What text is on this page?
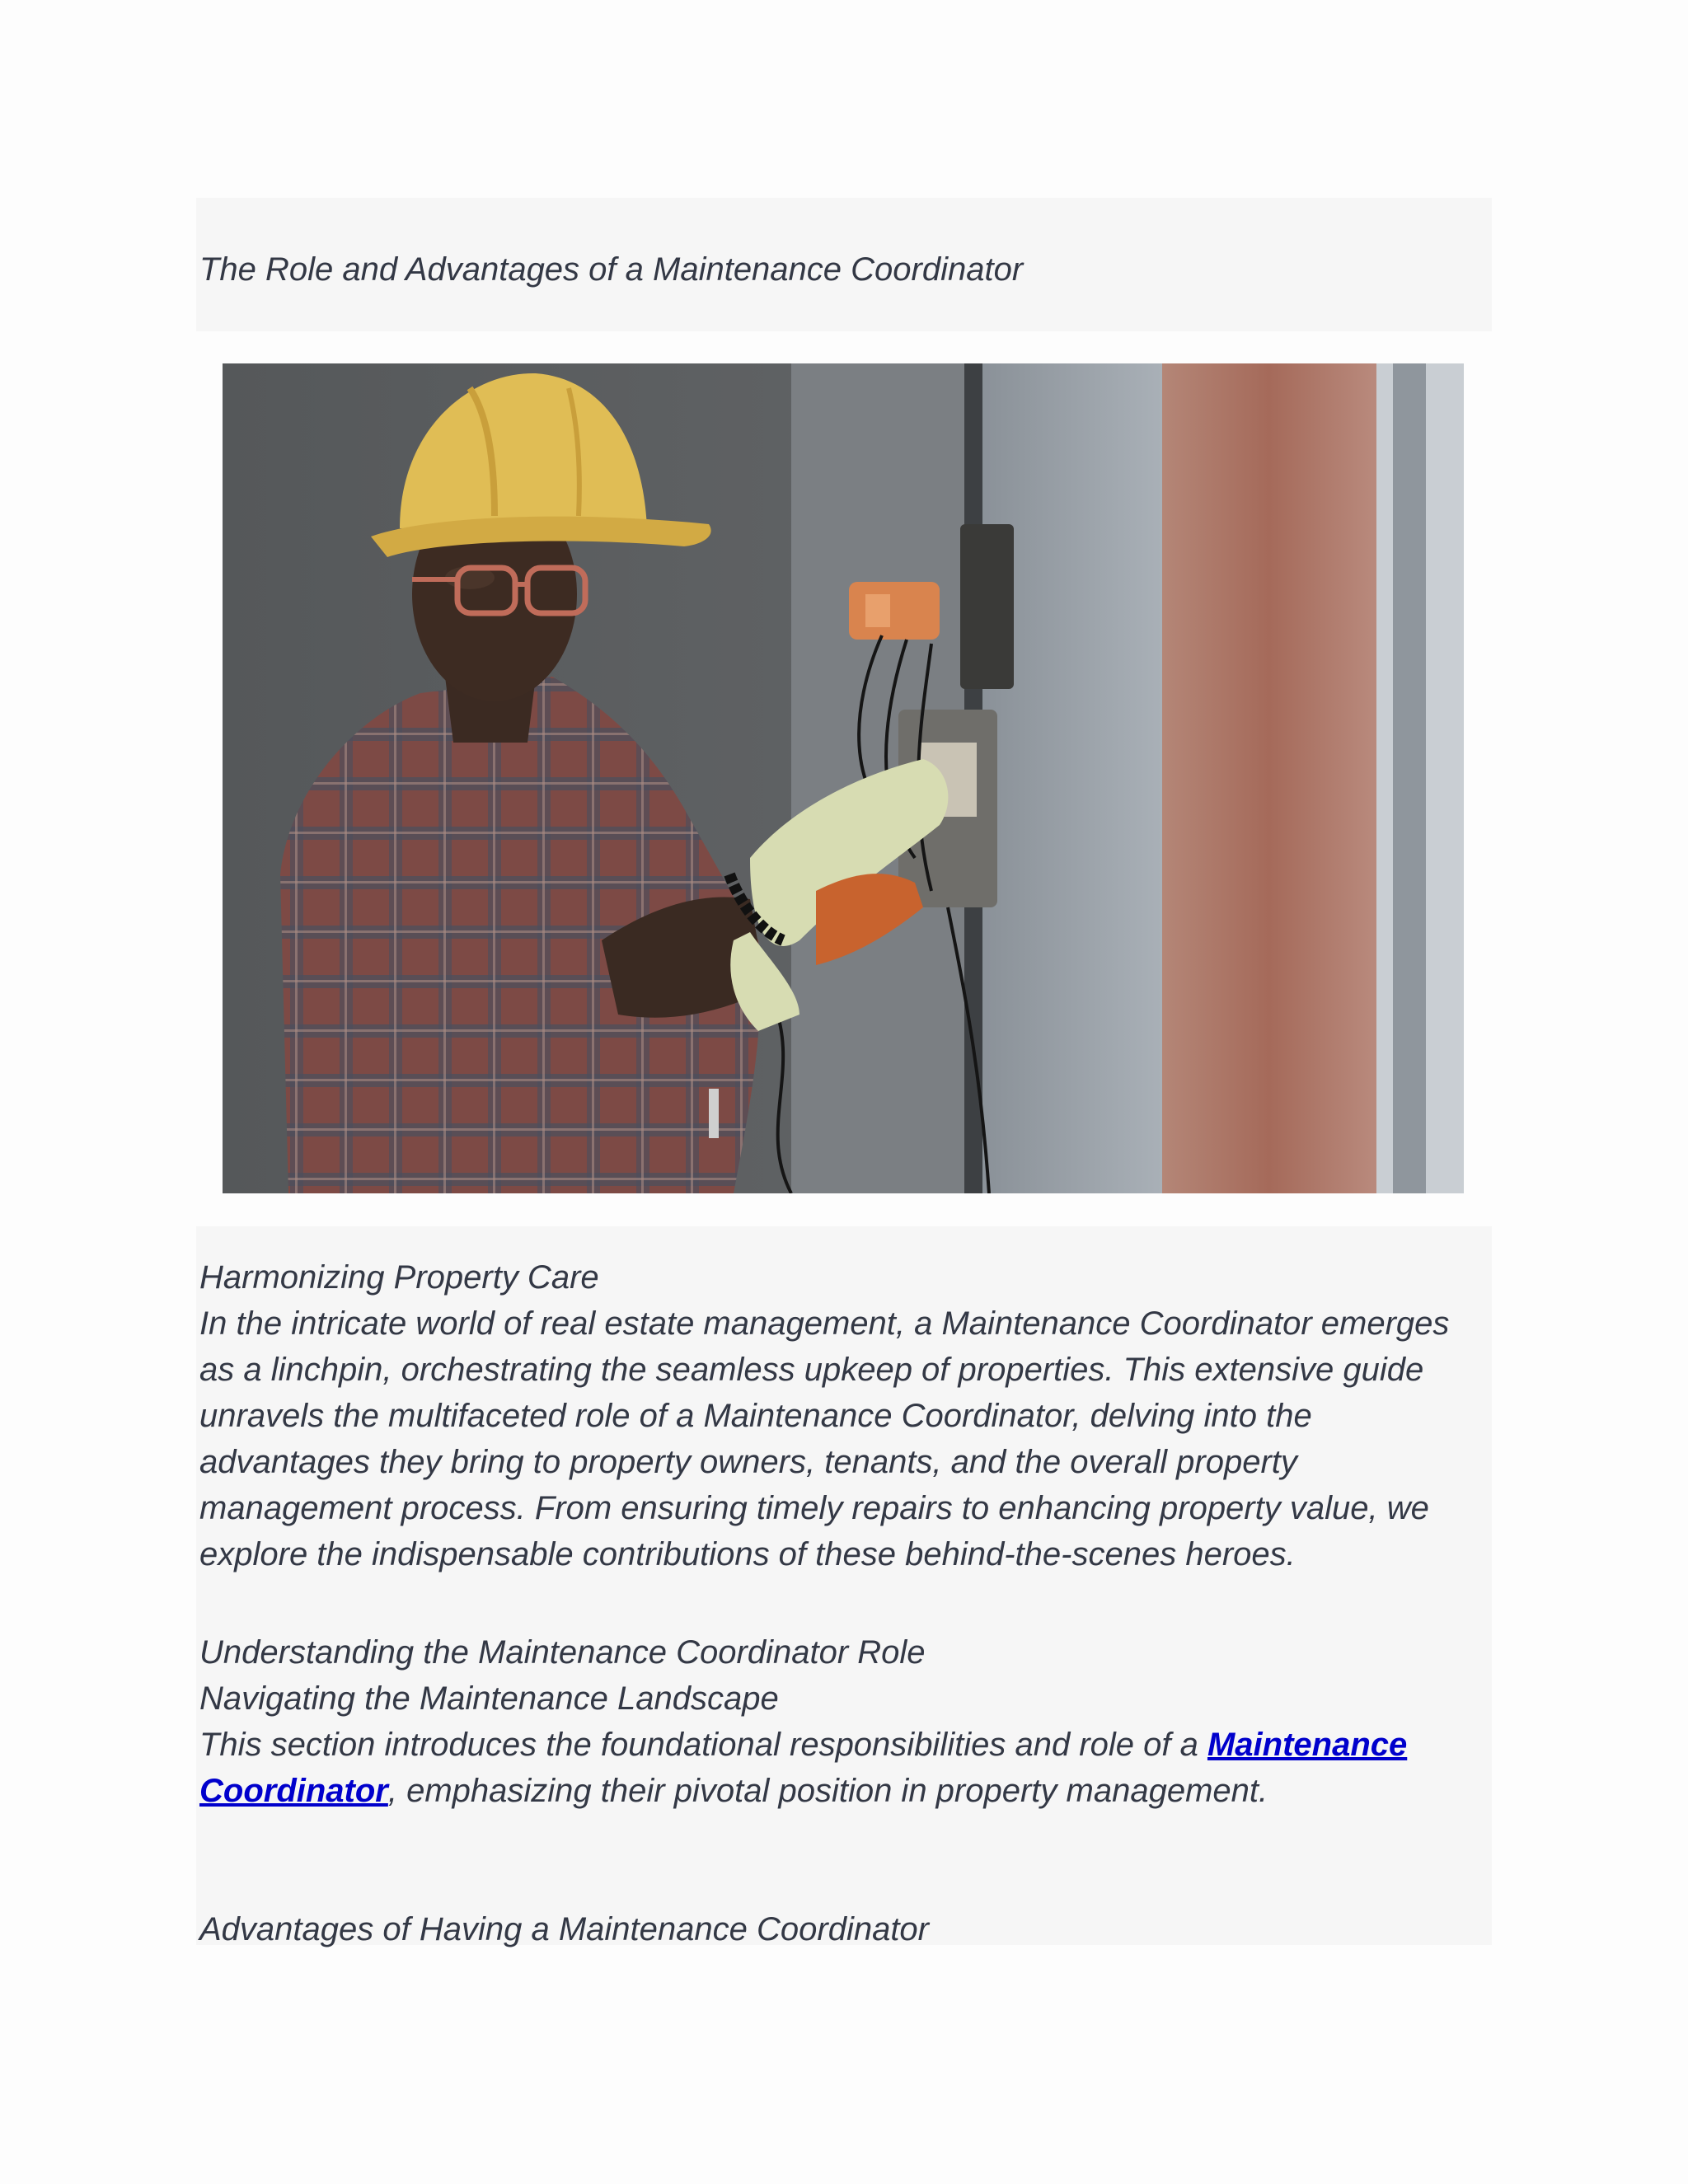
The Role and Advantages of a Maintenance Coordinator

Harmonizing Property Care

In the intricate world of real estate management, a Maintenance Coordinator emerges as a linchpin, orchestrating the seamless upkeep of properties. This extensive guide unravels the multifaceted role of a Maintenance Coordinator, delving into the advantages they bring to property owners, tenants, and the overall property management process. From ensuring timely repairs to enhancing property value, we explore the indispensable contributions of these behind-the-scenes heroes.

Understanding the Maintenance Coordinator Role

Navigating the Maintenance Landscape

This section introduces the foundational responsibilities and role of a Maintenance Coordinator, emphasizing their pivotal position in property management.

Advantages of Having a Maintenance Coordinator
